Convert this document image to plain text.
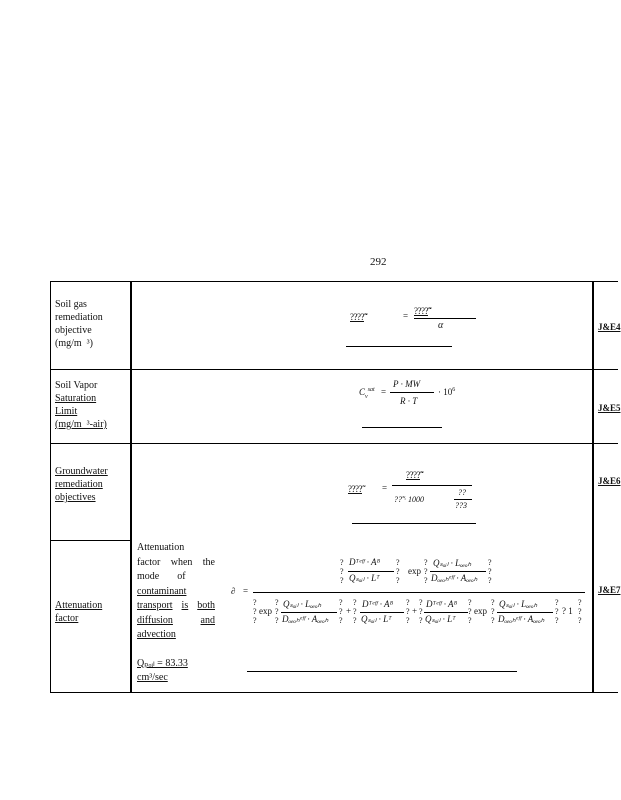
292
Soil gas
remediation
objective
(mg/m  ³)
????̃̃̃̃̃̃̃̃̃̃̃̃	= ????̃̃̃̃̃̃̃̃̃̃̃̃̃̃
α	J&E4
Soil Vapor
Saturation
Limit
(mg/m  ³-air)
$C_v^{sat}$ =
P · MW
R · T
· $10^6$
J&E5
Groundwater
remediation
objectives
????̃̃̃̃ =
????̃̃̃̃̃̃̃̃̃̃̃̃
??̃̃̃̃ · 1000
??
??3
J&E6
Attenuation
factor
Attenuation
factor when the
mode of
contaminant
transport is both
diffusion	and
advection
Qₚₒᵢₗ = 83.33
cm³/sec
∂ =
?
?
?
Dᵀᵉᶠᶠ · Aᴮ
Qₛₒᵢₗ · Lᵀ
?
?
?
exp
?
?
?
Qₛₒᵢₗ · Lₒₑₒₕ
Dₒₑₒₕᵉᶠᶠ · Aₒₑₒₕ
?
?
?
?
?
?
exp
?
?
?
Qₛₒᵢₗ · Lₒₑₒₕ
Dₒₑₒₕᵉᶠᶠ · Aₒₑₒₕ
?
?
?
+
?
?
?
Dᵀᵉᶠᶠ · Aᴮ
Qₛₒᵢₗ · Lᵀ
?
?
?
+
?
?
?
Dᵀᵉᶠᶠ · Aᴮ
Qₛₒᵢₗ · Lᵀ
?
?
?
exp
?
?
?
Qₛₒᵢₗ · Lₒₑₒₕ
Dₒₑₒₕᵉᶠᶠ · Aₒₑₒₕ
?
?
?
? 1
?
?
?
J&E7
